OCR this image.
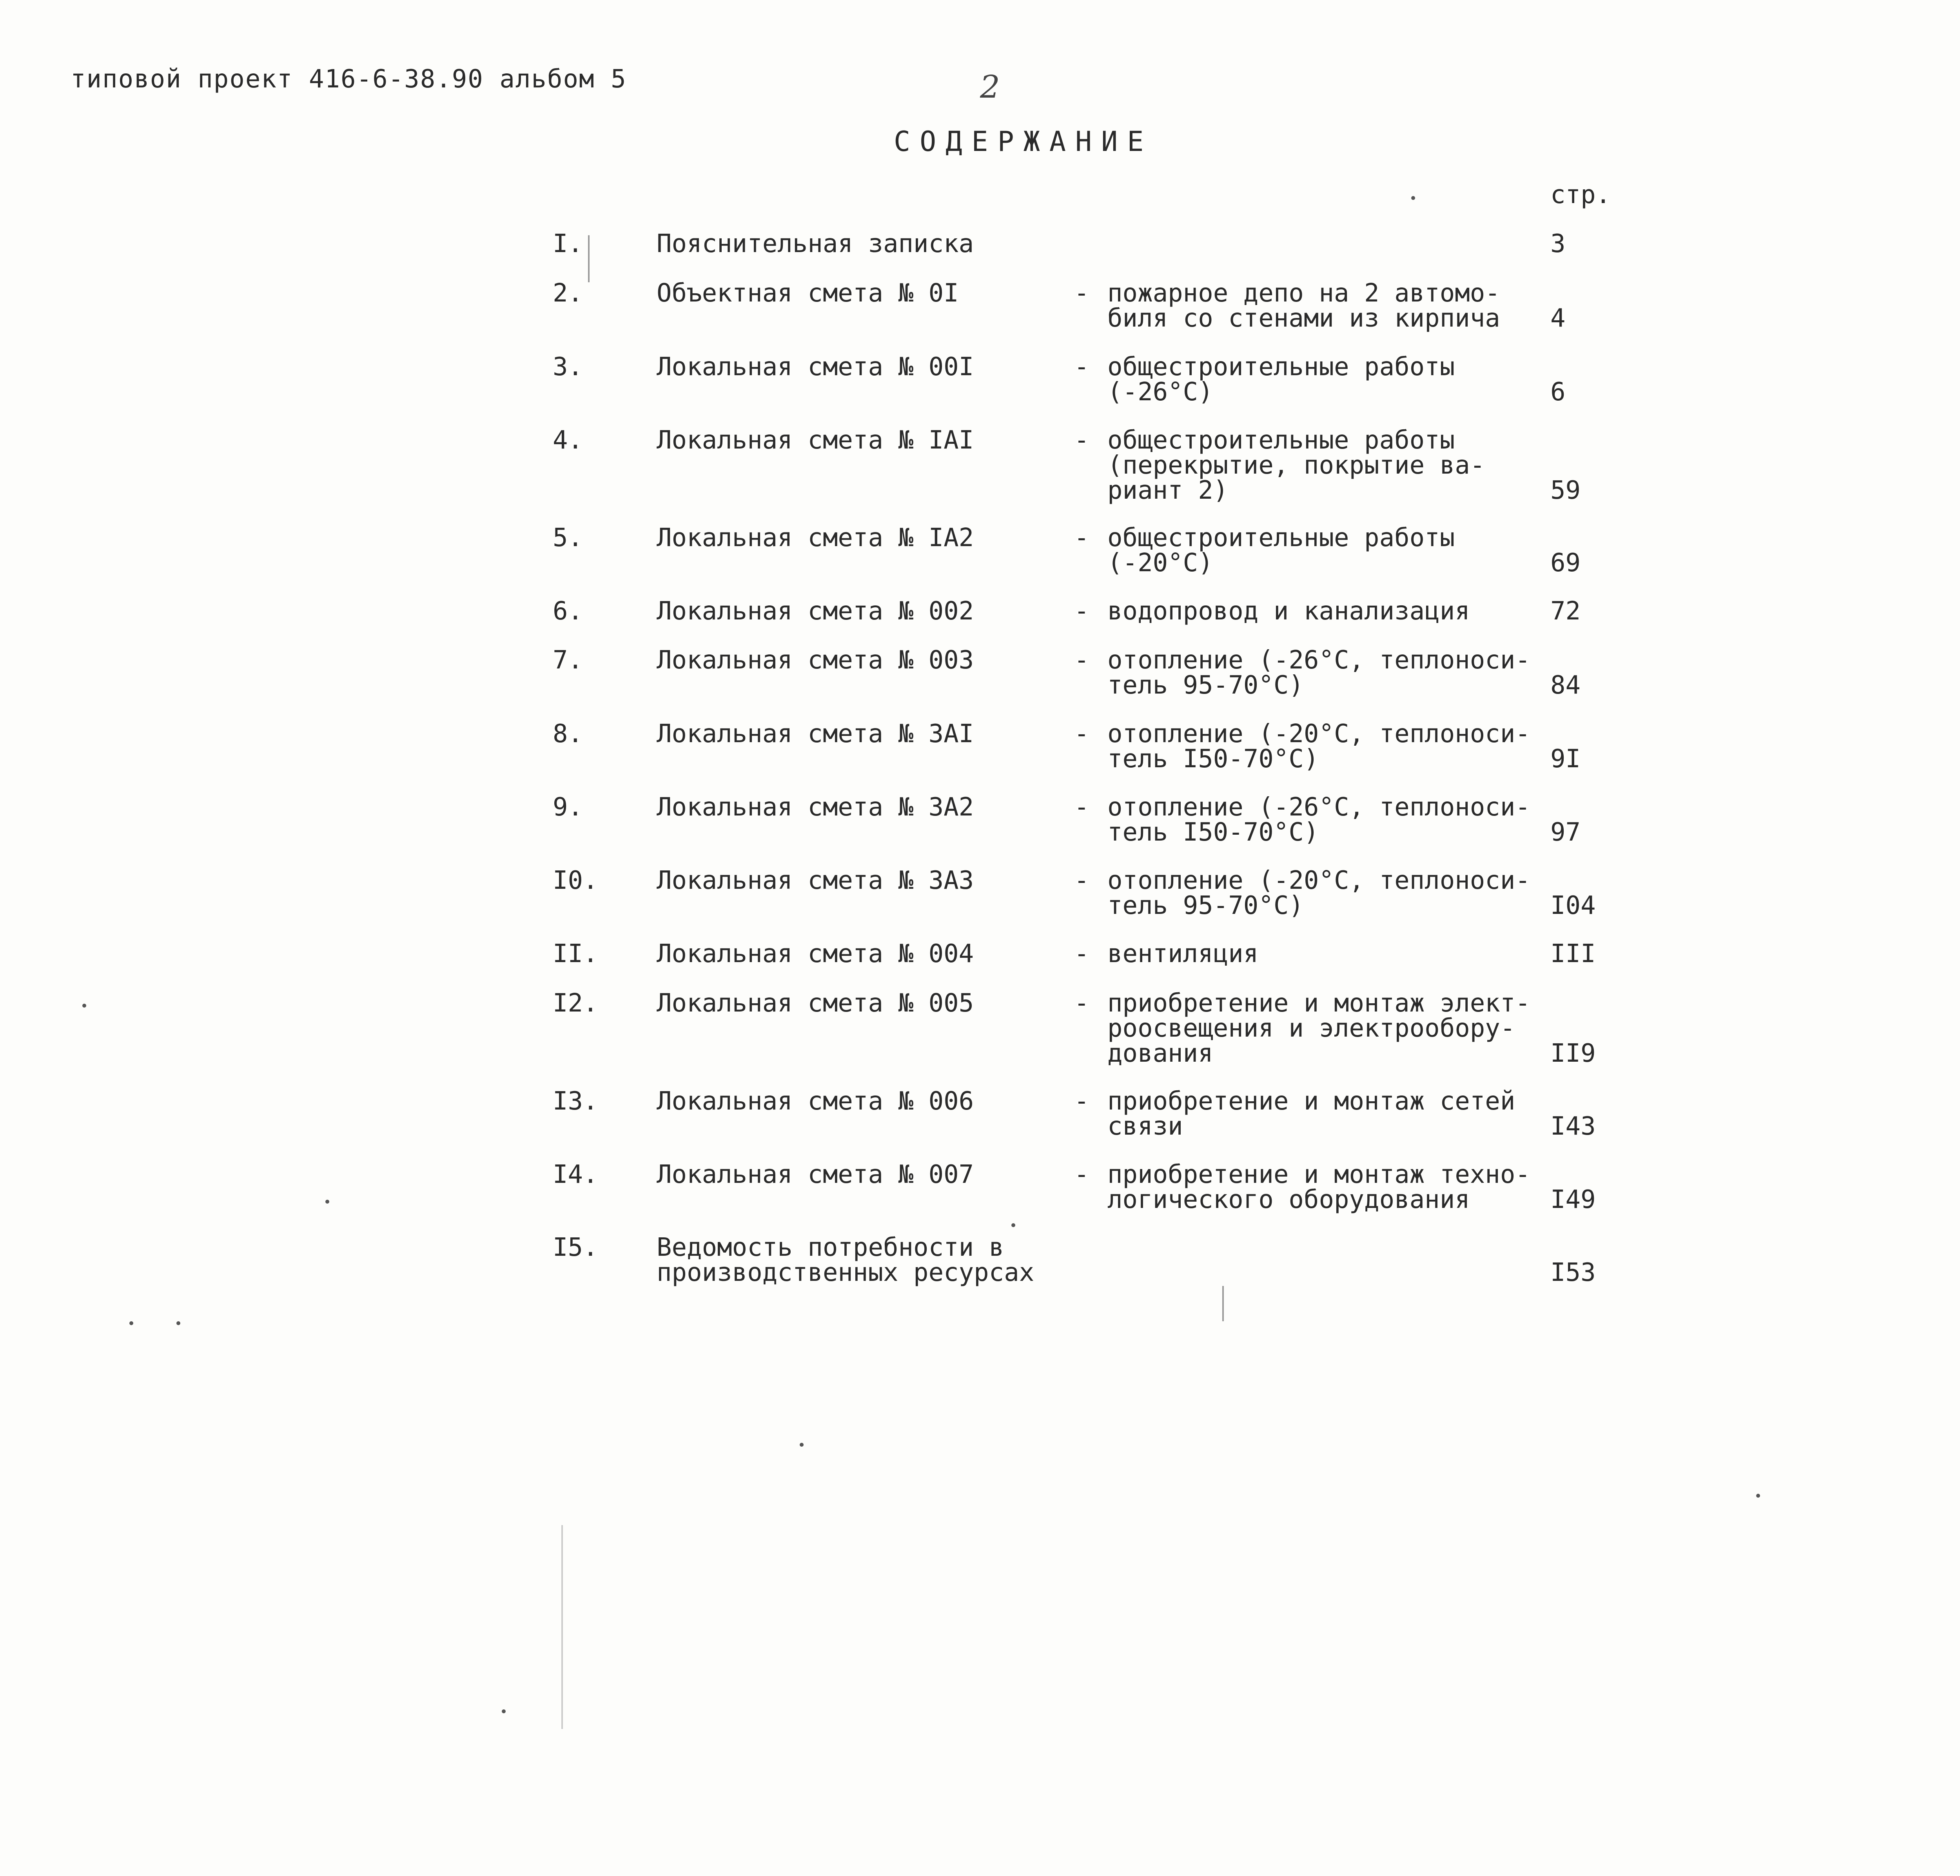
типовой проект 416-6-38.90 альбом 5	2
СОДЕРЖАНИЕ
стр.
I.	Пояснительная записка	3
2.	Объектная смета № 0I	- пожарное депо на 2 автомо-
биля со стенами из кирпича 4
3.	Локальная смета № 00I	- общестроительные работы
(-26°С)	6
4.	Локальная смета № IAI	- общестроительные работы
(перекрытие, покрытие ва-
риант 2)	59
5.	Локальная смета № IA2	- общестроительные работы
(-20°С)	69
6.	Локальная смета № 002	- водопровод и канализация	72
7.	Локальная смета № 003	- отопление (-26°С, теплоноси-
тель 95-70°С)	84
8.	Локальная смета № 3AI	- отопление (-20°С, теплоноси-
тель I50-70°С)	9I
9.	Локальная смета № 3A2	- отопление (-26°С, теплоноси-
тель I50-70°С)	97
I0. Локальная смета № 3A3	- отопление (-20°С, теплоноси-
тель 95-70°С)	I04
II. Локальная смета № 004	- вентиляция	III
I2. Локальная смета № 005	- приобретение и монтаж элект-
роосвещения и электрообору-
дования	II9
I3. Локальная смета № 006	- приобретение и монтаж сетей
связи	I43
I4. Локальная смета № 007	- приобретение и монтаж техно-
логического оборудования	I49
I5. Ведомость потребности в
производственных ресурсах	I53
